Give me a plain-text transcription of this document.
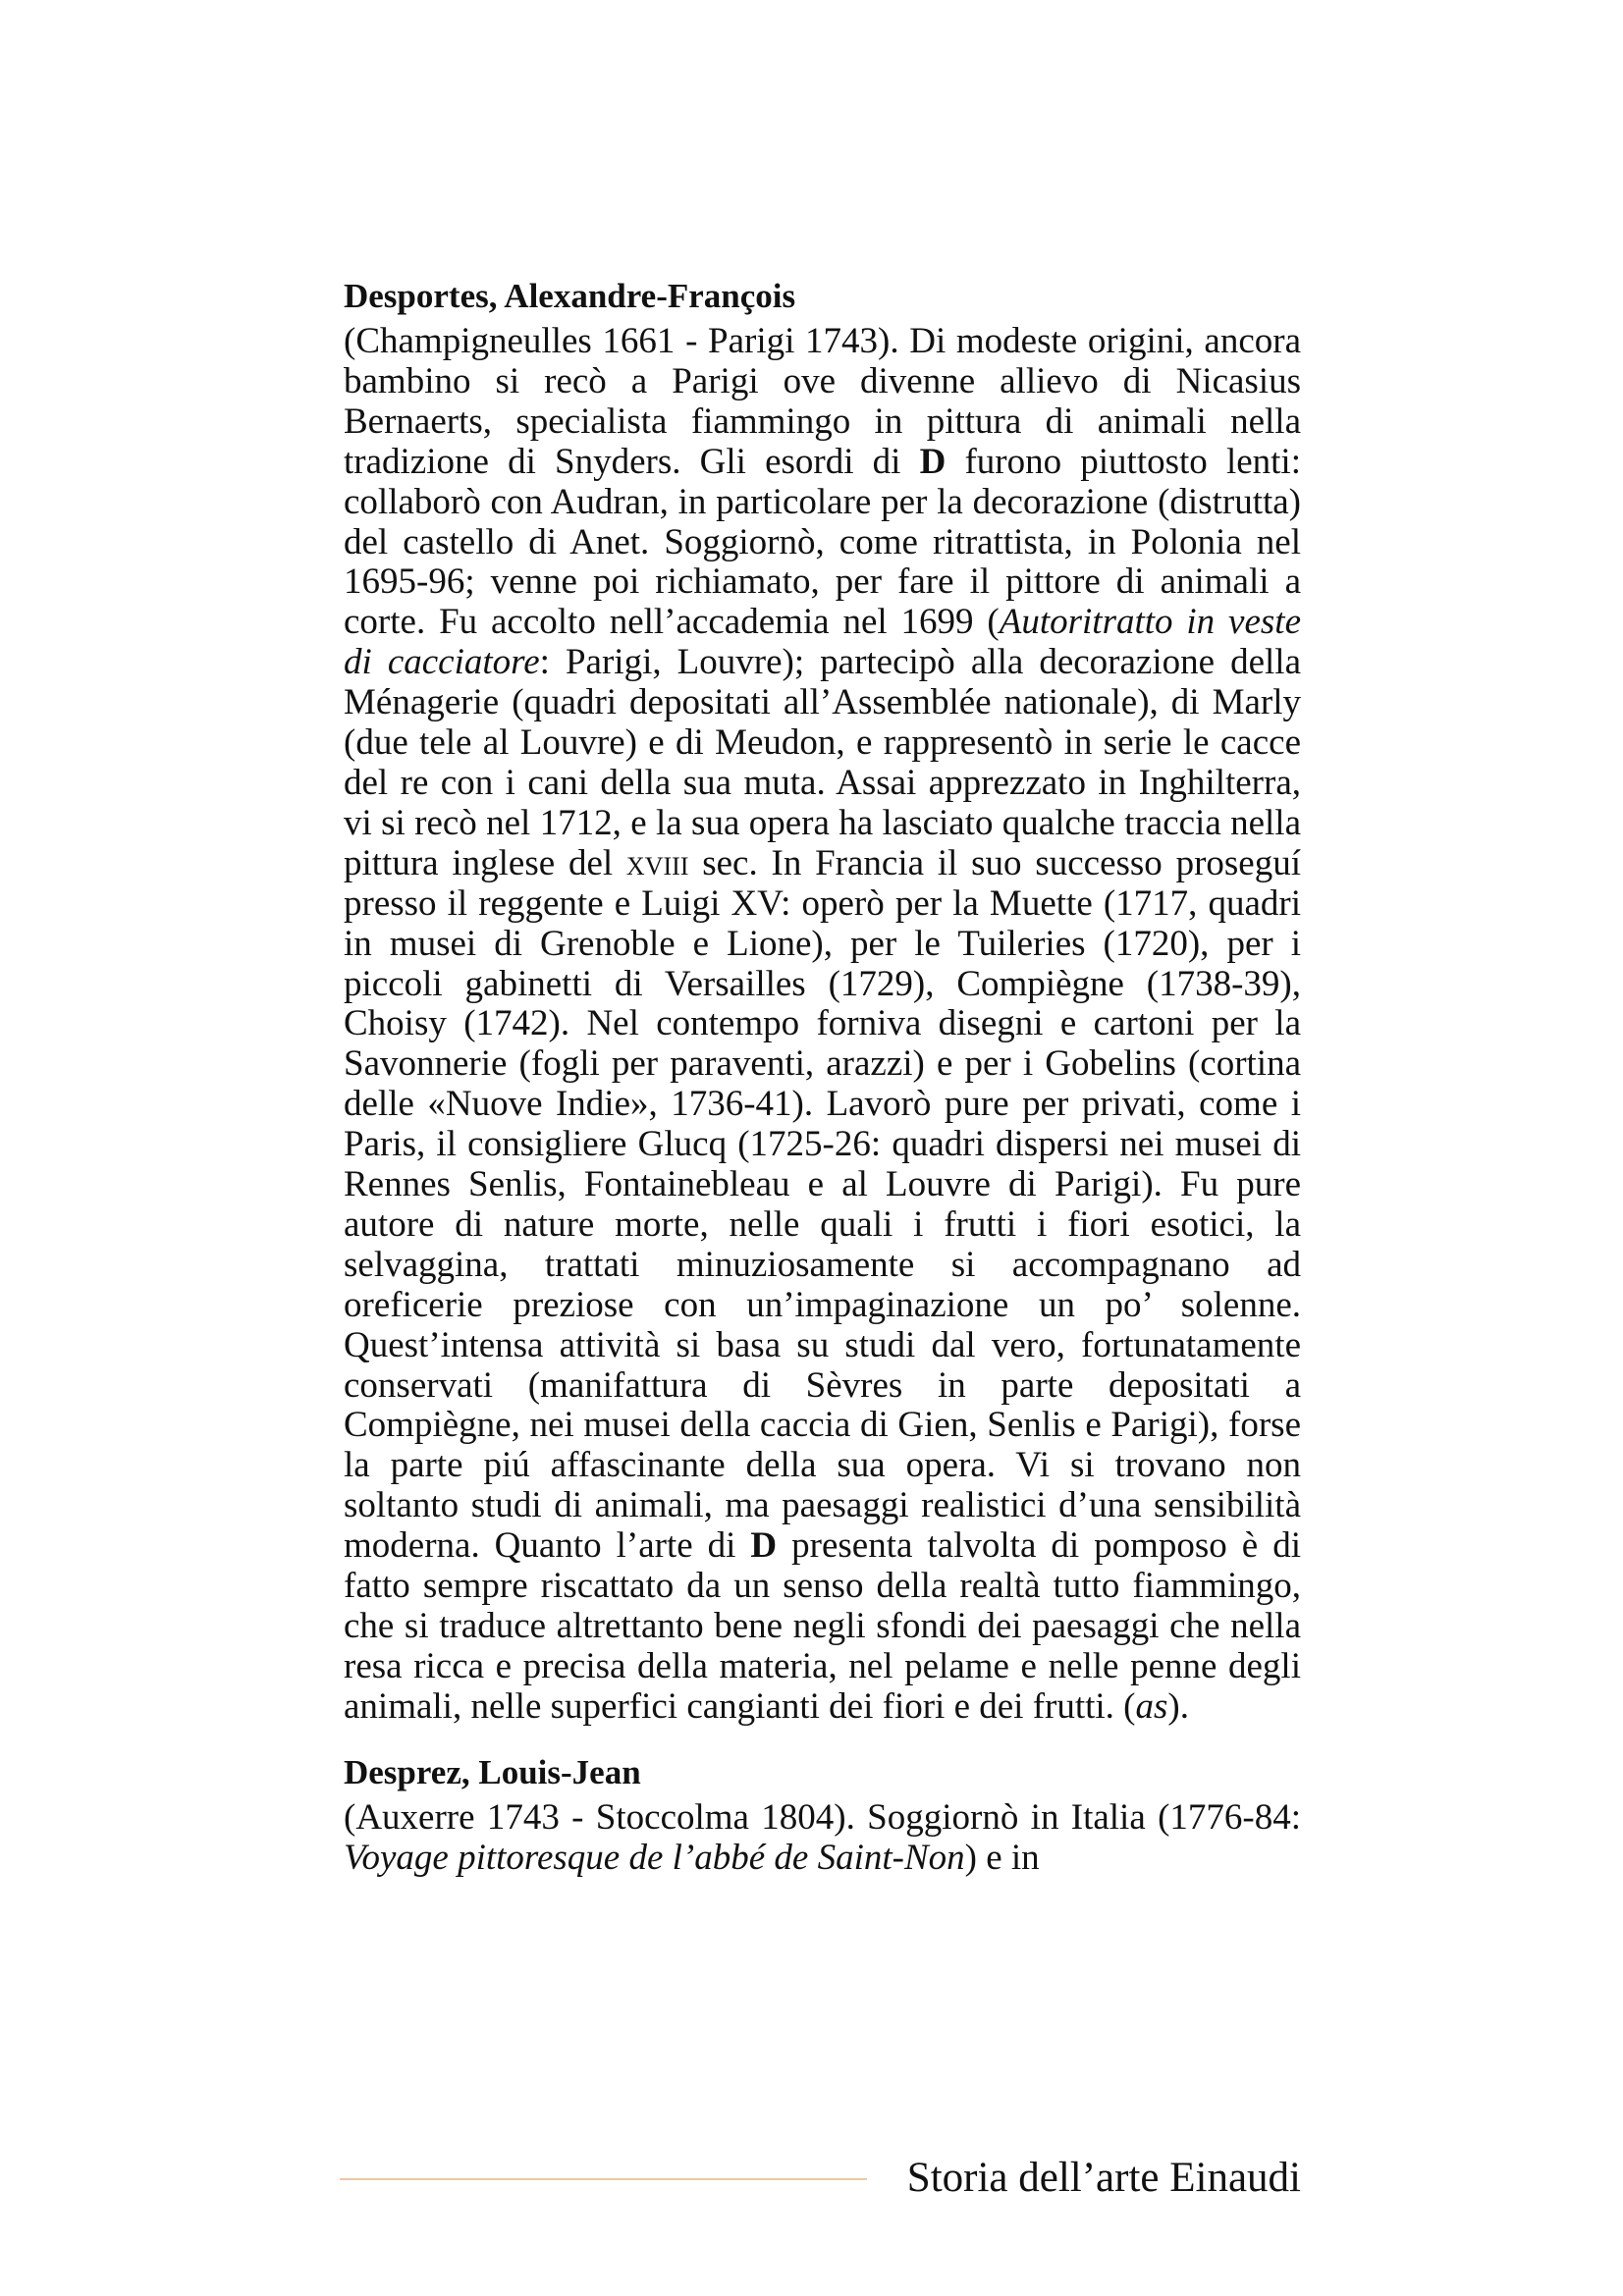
Desportes, Alexandre-François

(Champigneulles 1661 - Parigi 1743). Di modeste origini, ancora bambino si recò a Parigi ove divenne allievo di Nicasius Bernaerts, specialista fiammingo in pittura di animali nella tradizione di Snyders. Gli esordi di D furono piuttosto lenti: collaborò con Audran, in particolare per la decorazione (distrutta) del castello di Anet. Soggiornò, come ritrattista, in Polonia nel 1695-96; venne poi richiamato, per fare il pittore di animali a corte. Fu accolto nell’accademia nel 1699 (Autoritratto in veste di cacciatore: Parigi, Louvre); partecipò alla decorazione della Ménagerie (quadri depositati all’Assemblée nationale), di Marly (due tele al Louvre) e di Meudon, e rappresentò in serie le cacce del re con i cani della sua muta. Assai apprezzato in Inghilterra, vi si recò nel 1712, e la sua opera ha lasciato qualche traccia nella pittura inglese del xviii sec. In Francia il suo successo proseguí presso il reggente e Luigi XV: operò per la Muette (1717, quadri in musei di Grenoble e Lione), per le Tuileries (1720), per i piccoli gabinetti di Versailles (1729), Compiègne (1738-39), Choisy (1742). Nel contempo forniva disegni e cartoni per la Savonnerie (fogli per paraventi, arazzi) e per i Gobelins (cortina delle «Nuove Indie», 1736-41). Lavorò pure per privati, come i Paris, il consigliere Glucq (1725-26: quadri dispersi nei musei di Rennes Senlis, Fontainebleau e al Louvre di Parigi). Fu pure autore di nature morte, nelle quali i frutti i fiori esotici, la selvaggina, trattati minuziosamente si accompagnano ad oreficerie preziose con un’impaginazione un po’ solenne. Quest’intensa attività si basa su studi dal vero, fortunatamente conservati (manifattura di Sèvres in parte depositati a Compiègne, nei musei della caccia di Gien, Senlis e Parigi), forse la parte piú affascinante della sua opera. Vi si trovano non soltanto studi di animali, ma paesaggi realistici d’una sensibilità moderna. Quanto l’arte di D presenta talvolta di pomposo è di fatto sempre riscattato da un senso della realtà tutto fiammingo, che si traduce altrettanto bene negli sfondi dei paesaggi che nella resa ricca e precisa della materia, nel pelame e nelle penne degli animali, nelle superfici cangianti dei fiori e dei frutti. (as).

Desprez, Louis-Jean

(Auxerre 1743 - Stoccolma 1804). Soggiornò in Italia (1776-84: Voyage pittoresque de l’abbé de Saint-Non) e in

Storia dell’arte Einaudi
